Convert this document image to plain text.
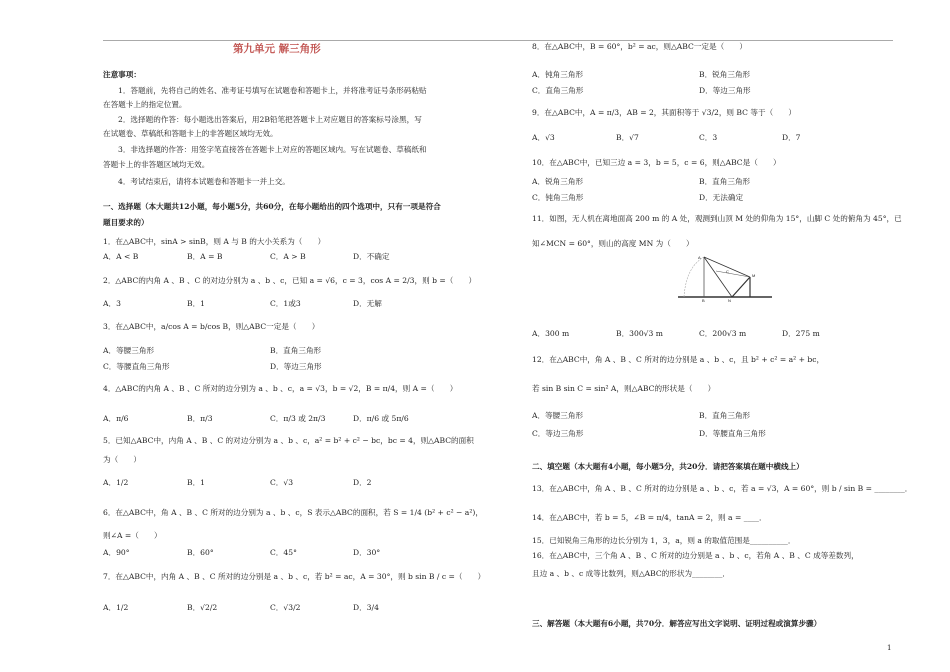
第九单元 解三角形
注意事项：
1．答题前，先将自己的姓名、准考证号填写在试题卷和答题卡上，并将准考证号条形码粘贴
在答题卡上的指定位置。
2．选择题的作答：每小题选出答案后，用2B铅笔把答题卡上对应题目的答案标号涂黑，写
在试题卷、草稿纸和答题卡上的非答题区域均无效。
3．非选择题的作答：用签字笔直接答在答题卡上对应的答题区域内。写在试题卷、草稿纸和
答题卡上的非答题区域均无效。
4．考试结束后，请将本试题卷和答题卡一并上交。
一、选择题（本大题共12小题，每小题5分，共60分，在每小题给出的四个选项中，只有一项是符合
题目要求的）
1．在△ABC中，sinA > sinB，则 A 与 B 的大小关系为（　　）
A．A < B	B．A = B	C．A > B	D．不确定
2．△ABC的内角 A 、B 、C 的对边分别为 a 、b 、c，已知 a = √6，c = 3，cos A = 2/3，则 b =（　　）
A．3	B．1	C．1或3	D．无解
3．在△ABC中，a/cos A = b/cos B，则△ABC一定是（　　）
A．等腰三角形	B．直角三角形
C．等腰直角三角形	D．等边三角形
4．△ABC的内角 A 、B 、C 所对的边分别为 a 、b 、c，a = √3，b = √2，B = π/4，则 A =（　　）
A．π/6	B．π/3	C．π/3 或 2π/3	D．π/6 或 5π/6
5．已知△ABC中，内角 A 、B 、C 的对边分别为 a 、b 、c，a² = b² + c² − bc，bc = 4，则△ABC的面积
为（　　）
A．1/2	B．1	C．√3	D．2
6．在△ABC中，角 A 、B 、C 所对的边分别为 a 、b 、c，S 表示△ABC的面积，若 S = 1/4 (b² + c² − a²)，
则∠A =（　　）
A．90°	B．60°	C．45°	D．30°
7．在△ABC中，内角 A 、B 、C 所对的边分别是 a 、b 、c，若 b² = ac，A = 30°，则 b sin B / c =（　　）
A．1/2	B．√2/2	C．√3/2	D．3/4
8．在△ABC中，B = 60°，b² = ac，则△ABC一定是（　　）
A．钝角三角形	B．锐角三角形
C．直角三角形	D．等边三角形
9．在△ABC中，A = π/3，AB = 2，其面积等于 √3/2，则 BC 等于（　　）
A．√3	B．√7	C．3	D．7
10．在△ABC中，已知三边 a = 3，b = 5，c = 6，则△ABC是（　　）
A．锐角三角形	B．直角三角形
C．钝角三角形	D．无法确定
11．如图，无人机在离地面高 200 m 的 A 处，观测到山顶 M 处的仰角为 15°，山脚 C 处的俯角为 45°，已
知∠MCN = 60°，则山的高度 MN 为（　　）
A
M
C
N
B
A．300 m	B．300√3 m	C．200√3 m	D．275 m
12．在△ABC中，角 A 、B 、C 所对的边分别是 a 、b 、c，且 b² + c² = a² + bc，
若 sin B sin C = sin² A，则△ABC的形状是（　　）
A．等腰三角形	B．直角三角形
C．等边三角形	D．等腰直角三角形
二、填空题（本大题有4小题，每小题5分，共20分．请把答案填在题中横线上）
13．在△ABC中，角 A 、B 、C 所对的边分别是 a 、b 、c，若 a = √3，A = 60°，则 b / sin B = ________．
14．在△ABC中，若 b = 5，∠B = π/4，tanA = 2，则 a = ____．
15．已知锐角三角形的边长分别为 1，3，a，则 a 的取值范围是__________．
16．在△ABC中，三个角 A 、B 、C 所对的边分别是 a 、b 、c，若角 A 、B 、C 成等差数列，
且边 a 、b 、c 成等比数列，则△ABC的形状为________．
三、解答题（本大题有6小题，共70分．解答应写出文字说明、证明过程或演算步骤）
1
